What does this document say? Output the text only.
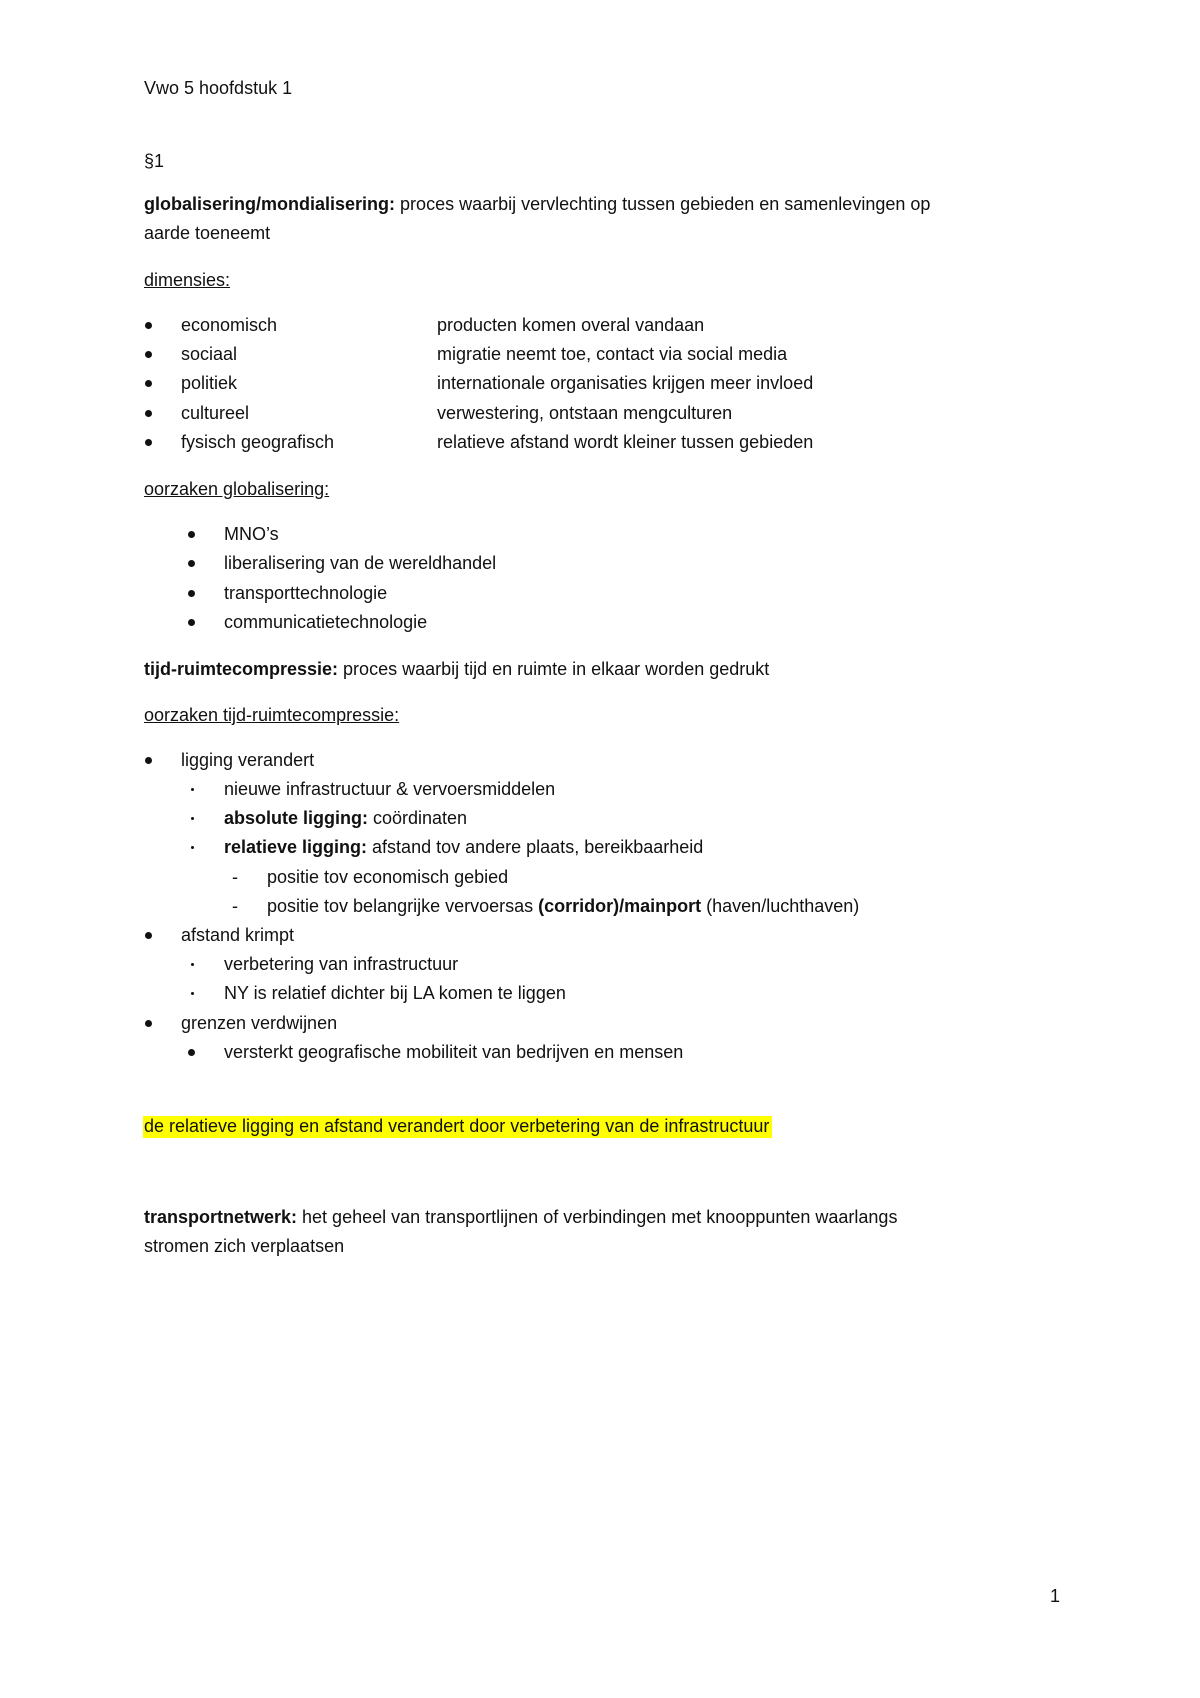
Vwo 5 hoofdstuk 1
§1
globalisering/mondialisering: proces waarbij vervlechting tussen gebieden en samenlevingen op
aarde toeneemt
dimensies:
economisch	producten komen overal vandaan
sociaal	migratie neemt toe, contact via social media
politiek	internationale organisaties krijgen meer invloed
cultureel	verwestering, ontstaan mengculturen
fysisch geografisch	relatieve afstand wordt kleiner tussen gebieden
oorzaken globalisering:
MNO’s
liberalisering van de wereldhandel
transporttechnologie
communicatietechnologie
tijd-ruimtecompressie: proces waarbij tijd en ruimte in elkaar worden gedrukt
oorzaken tijd-ruimtecompressie:
ligging verandert
nieuwe infrastructuur & vervoersmiddelen
absolute ligging: coördinaten
relatieve ligging: afstand tov andere plaats, bereikbaarheid
- positie tov economisch gebied
- positie tov belangrijke vervoersas (corridor)/mainport (haven/luchthaven)
afstand krimpt
verbetering van infrastructuur
NY is relatief dichter bij LA komen te liggen
grenzen verdwijnen
versterkt geografische mobiliteit van bedrijven en mensen
de relatieve ligging en afstand verandert door verbetering van de infrastructuur
transportnetwerk: het geheel van transportlijnen of verbindingen met knooppunten waarlangs
stromen zich verplaatsen
1
